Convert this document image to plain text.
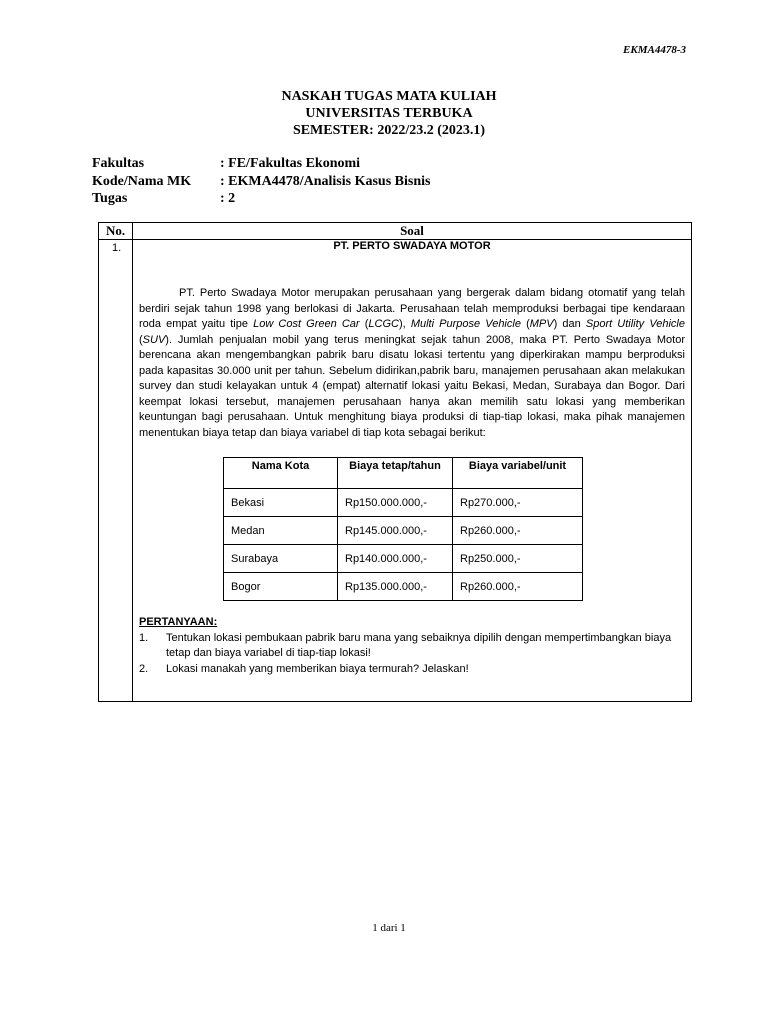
EKMA4478-3
NASKAH TUGAS MATA KULIAH
UNIVERSITAS TERBUKA
SEMESTER: 2022/23.2 (2023.1)
Fakultas	: FE/Fakultas Ekonomi
Kode/Nama MK	: EKMA4478/Analisis Kasus Bisnis
Tugas	: 2
No.	Soal
1.	PT. PERTO SWADAYA MOTOR
PT. Perto Swadaya Motor merupakan perusahaan yang bergerak dalam bidang otomatif yang telah berdiri sejak tahun 1998 yang berlokasi di Jakarta. Perusahaan telah memproduksi berbagai tipe kendaraan roda empat yaitu tipe Low Cost Green Car (LCGC), Multi Purpose Vehicle (MPV) dan Sport Utility Vehicle (SUV). Jumlah penjualan mobil yang terus meningkat sejak tahun 2008, maka PT. Perto Swadaya Motor berencana akan mengembangkan pabrik baru disatu lokasi tertentu yang diperkirakan mampu berproduksi pada kapasitas 30.000 unit per tahun. Sebelum didirikan,pabrik baru, manajemen perusahaan akan melakukan survey dan studi kelayakan untuk 4 (empat) alternatif lokasi yaitu Bekasi, Medan, Surabaya dan Bogor. Dari keempat lokasi tersebut, manajemen perusahaan hanya akan memilih satu lokasi yang memberikan keuntungan bagi perusahaan. Untuk menghitung biaya produksi di tiap-tiap lokasi, maka pihak manajemen menentukan biaya tetap dan biaya variabel di tiap kota sebagai berikut:
Nama Kota	Biaya tetap/tahun	Biaya variabel/unit
Bekasi	Rp150.000.000,-	Rp270.000,-
Medan	Rp145.000.000,-	Rp260.000,-
Surabaya	Rp140.000.000,-	Rp250.000,-
Bogor	Rp135.000.000,-	Rp260.000,-
PERTANYAAN:
1.	Tentukan lokasi pembukaan pabrik baru mana yang sebaiknya dipilih dengan mempertimbangkan biaya tetap dan biaya variabel di tiap-tiap lokasi!
2.	Lokasi manakah yang memberikan biaya termurah? Jelaskan!
1 dari 1
